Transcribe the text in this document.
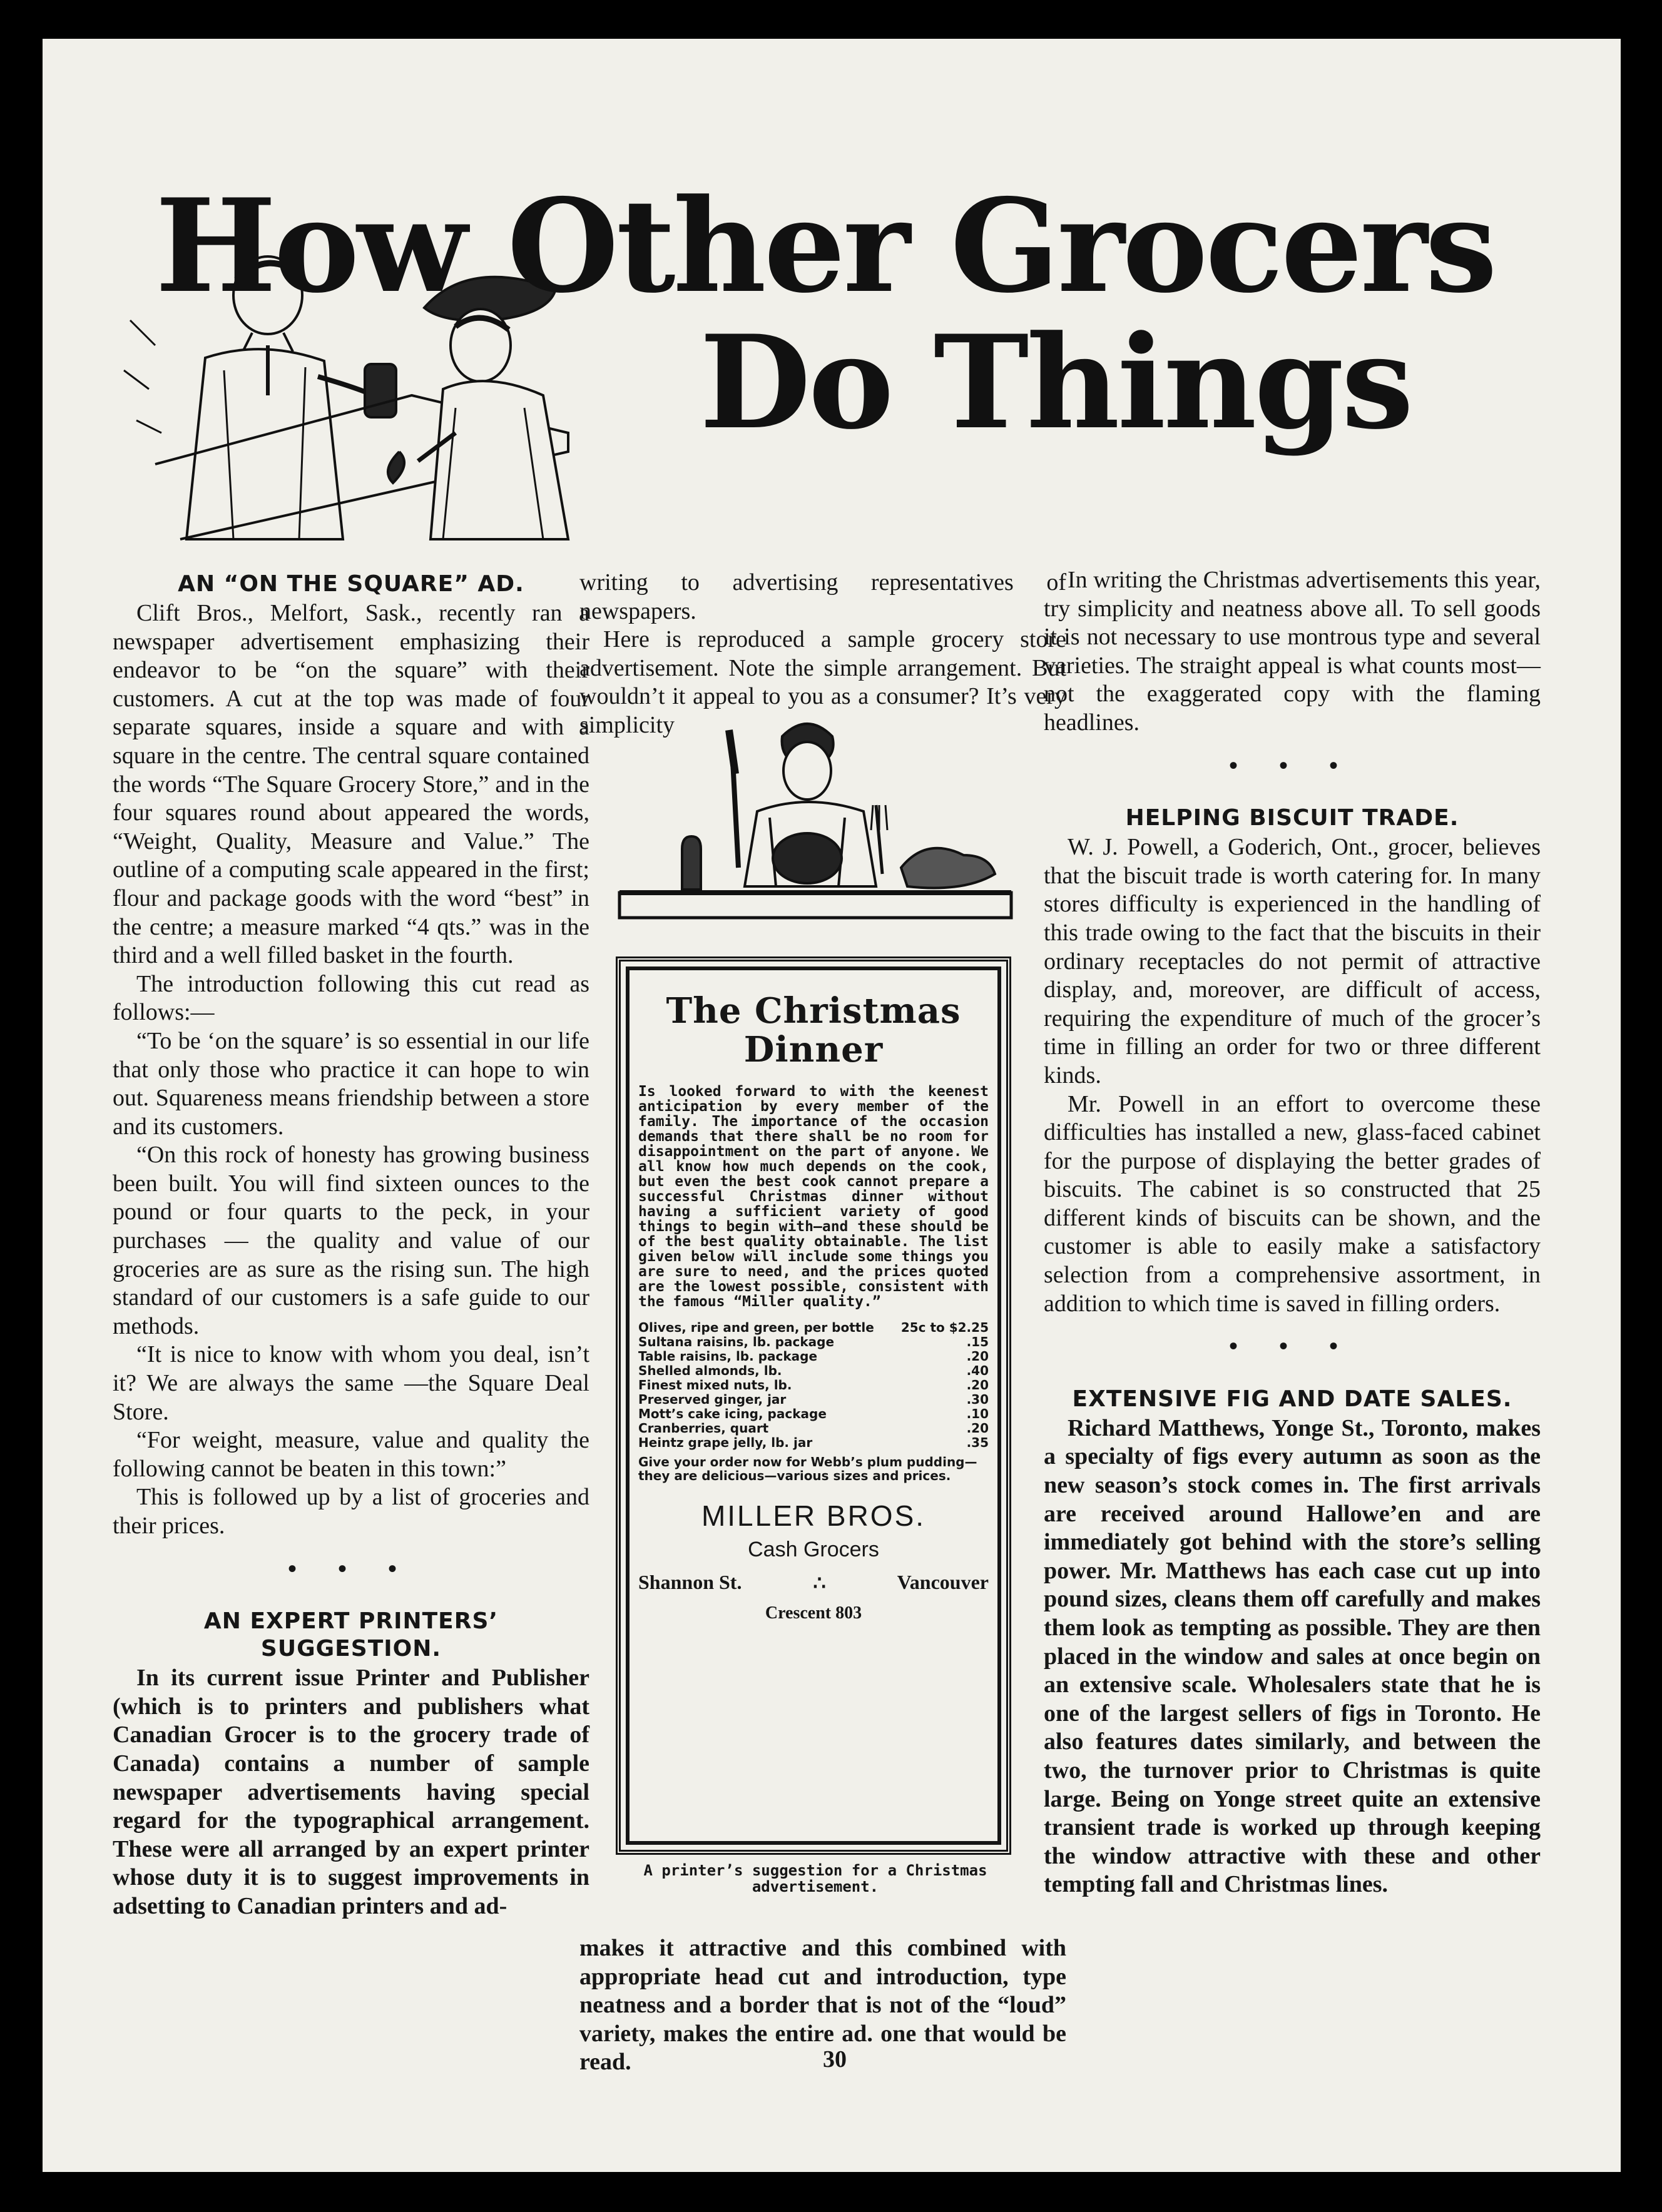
How Other Grocers
Do Things
AN “ON THE SQUARE” AD.

Clift Bros., Melfort, Sask., recently ran a newspaper advertisement emphasizing their endeavor to be “on the square” with their customers. A cut at the top was made of four separate squares, inside a square and with a square in the centre. The central square contained the words “The Square Grocery Store,” and in the four squares round about appeared the words, “Weight, Quality, Measure and Value.” The outline of a computing scale appeared in the first; flour and package goods with the word “best” in the centre; a measure marked “4 qts.” was in the third and a well filled basket in the fourth.

The introduction following this cut read as follows:—

“To be ‘on the square’ is so essential in our life that only those who practice it can hope to win out. Squareness means friendship between a store and its customers.

“On this rock of honesty has growing business been built. You will find sixteen ounces to the pound or four quarts to the peck, in your purchases — the quality and value of our groceries are as sure as the rising sun. The high standard of our customers is a safe guide to our methods.

“It is nice to know with whom you deal, isn’t it? We are always the same —the Square Deal Store.

“For weight, measure, value and quality the following cannot be beaten in this town:”

This is followed up by a list of groceries and their prices.

• • •
AN EXPERT PRINTERS’ SUGGESTION.

In its current issue Printer and Publisher (which is to printers and publishers what Canadian Grocer is to the grocery trade of Canada) contains a number of sample newspaper advertisements having special regard for the typographical arrangement. These were all arranged by an expert printer whose duty it is to suggest improvements in adsetting to Canadian printers and ad-

writing to advertising representatives of newspapers.

Here is reproduced a sample grocery store advertisement. Note the simple arrangement. But wouldn’t it appeal to you as a consumer? It’s very simplicity

The Christmas Dinner

Is looked forward to with the keenest anticipation by every member of the family. The importance of the occasion demands that there shall be no room for disappointment on the part of anyone. We all know how much depends on the cook, but even the best cook cannot prepare a successful Christmas dinner without having a sufficient variety of good things to begin with—and these should be of the best quality obtainable. The list given below will include some things you are sure to need, and the prices quoted are the lowest possible, consistent with the famous “Miller quality.”

Olives, ripe and green, per bottle 25c to $2.25
Sultana raisins, lb. package	.15
Table raisins, lb. package	.20
Shelled almonds, lb.	.40
Finest mixed nuts, lb.	.20
Preserved ginger, jar	.30
Mott’s cake icing, package	.10
Cranberries, quart	.20
Heintz grape jelly, lb. jar	.35

Give your order now for Webb’s plum pudding—they are delicious—various sizes and prices.

MILLER BROS.
Cash Grocers
Shannon St.	∴	Vancouver
Crescent 803
A printer’s suggestion for a Christmas advertisement.

makes it attractive and this combined with appropriate head cut and introduction, type neatness and a border that is not of the “loud” variety, makes the entire ad. one that would be read.

In writing the Christmas advertisements this year, try simplicity and neatness above all. To sell goods it is not necessary to use montrous type and several varieties. The straight appeal is what counts most—not the exaggerated copy with the flaming headlines.

• • •
HELPING BISCUIT TRADE.

W. J. Powell, a Goderich, Ont., grocer, believes that the biscuit trade is worth catering for. In many stores difficulty is experienced in the handling of this trade owing to the fact that the biscuits in their ordinary receptacles do not permit of attractive display, and, moreover, are difficult of access, requiring the expenditure of much of the grocer’s time in filling an order for two or three different kinds.

Mr. Powell in an effort to overcome these difficulties has installed a new, glass-faced cabinet for the purpose of displaying the better grades of biscuits. The cabinet is so constructed that 25 different kinds of biscuits can be shown, and the customer is able to easily make a satisfactory selection from a comprehensive assortment, in addition to which time is saved in filling orders.

• • •
EXTENSIVE FIG AND DATE SALES.

Richard Matthews, Yonge St., Toronto, makes a specialty of figs every autumn as soon as the new season’s stock comes in. The first arrivals are received around Hallowe’en and are immediately got behind with the store’s selling power. Mr. Matthews has each case cut up into pound sizes, cleans them off carefully and makes them look as tempting as possible. They are then placed in the window and sales at once begin on an extensive scale. Wholesalers state that he is one of the largest sellers of figs in Toronto. He also features dates similarly, and between the two, the turnover prior to Christmas is quite large. Being on Yonge street quite an extensive transient trade is worked up through keeping the window attractive with these and other tempting fall and Christmas lines.

30
